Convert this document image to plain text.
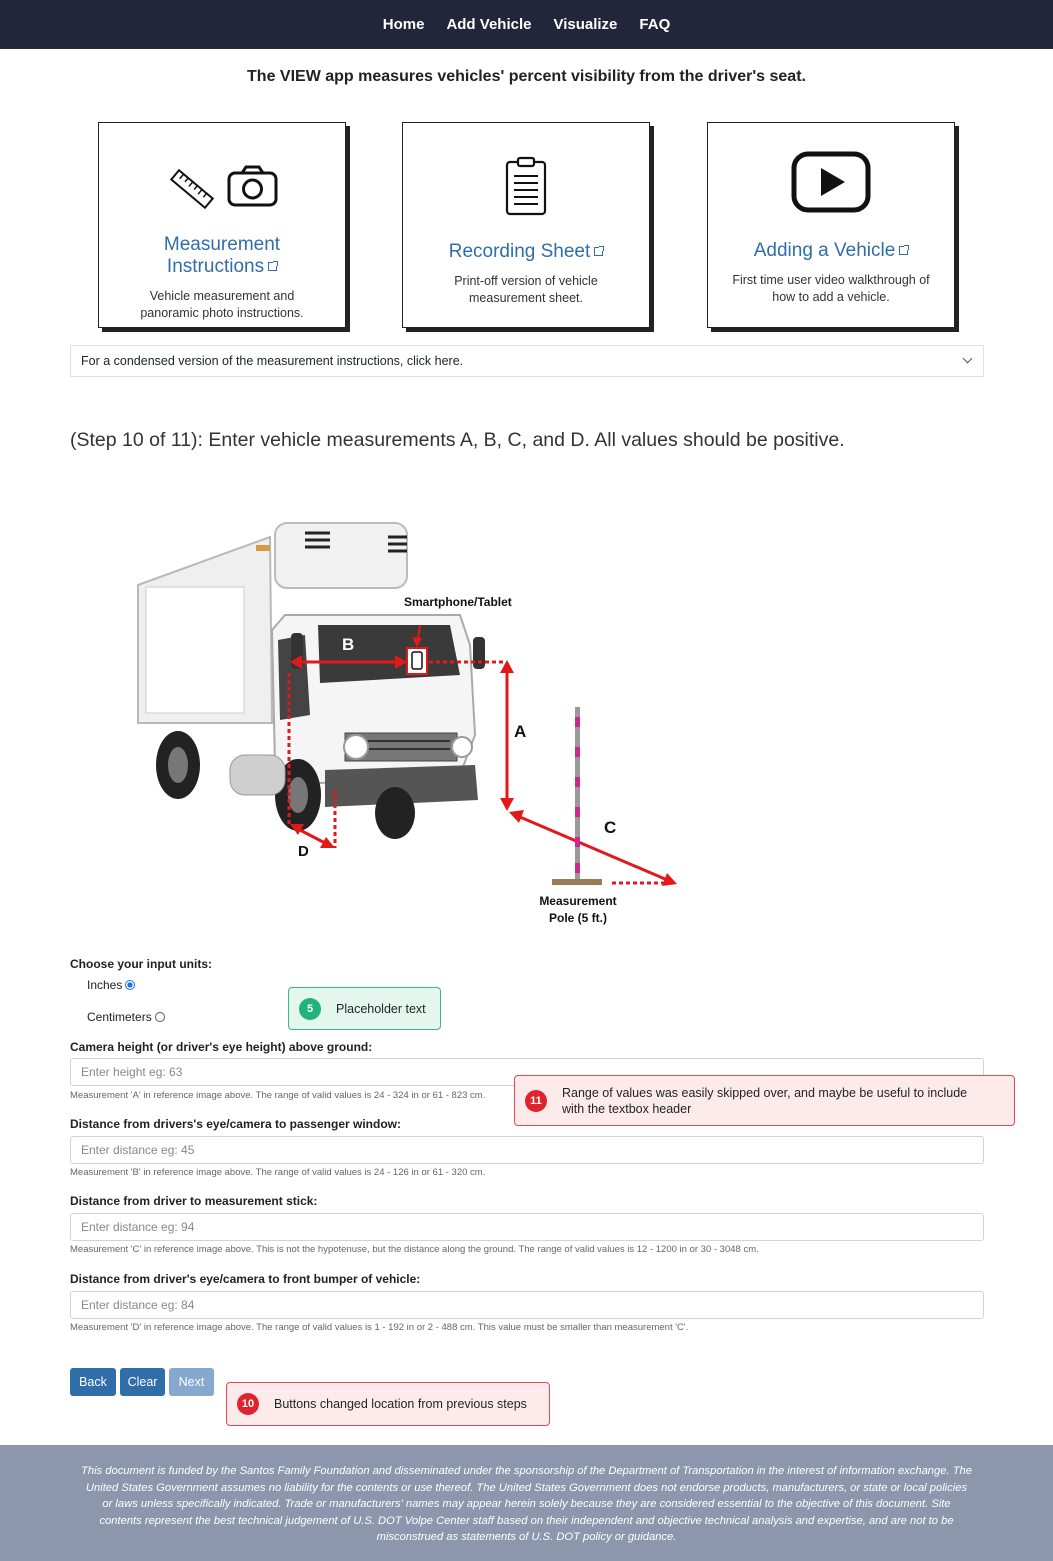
Home Add Vehicle Visualize FAQ
The VIEW app measures vehicles' percent visibility from the driver's seat.
Measurement
Instructions
Vehicle measurement and
panoramic photo instructions.
Recording Sheet
Print-off version of vehicle
measurement sheet.
Adding a Vehicle
First time user video walkthrough of
how to add a vehicle.
For a condensed version of the measurement instructions, click here.
(Step 10 of 11): Enter vehicle measurements A, B, C, and D. All values should be positive.
Smartphone/Tablet
B
A
C
D
Measurement
Pole (5 ft.)
Choose your input units:
Inches
Centimeters
Camera height (or driver's eye height) above ground:
Enter height eg: 63
Measurement 'A' in reference image above. The range of valid values is 24 - 324 in or 61 - 823 cm.
Distance from drivers's eye/camera to passenger window:
Enter distance eg: 45
Measurement 'B' in reference image above. The range of valid values is 24 - 126 in or 61 - 320 cm.
Distance from driver to measurement stick:
Enter distance eg: 94
Measurement 'C' in reference image above. This is not the hypotenuse, but the distance along the ground. The range of valid values is 12 - 1200 in or 30 - 3048 cm.
Distance from driver's eye/camera to front bumper of vehicle:
Enter distance eg: 84
Measurement 'D' in reference image above. The range of valid values is 1 - 192 in or 2 - 488 cm. This value must be smaller than measurement 'C'.
Back	Clear	Next
5	Placeholder text
11
Range of values was easily skipped over, and maybe be useful to include
with the textbox header
10	Buttons changed location from previous steps
This document is funded by the Santos Family Foundation and disseminated under the sponsorship of the Department of Transportation in the interest of information exchange. The United States Government assumes no liability for the contents or use thereof. The United States Government does not endorse products, manufacturers, or state or local policies or laws unless specifically indicated. Trade or manufacturers' names may appear herein solely because they are considered essential to the objective of this document. Site contents represent the best technical judgement of U.S. DOT Volpe Center staff based on their independent and objective technical analysis and expertise, and are not to be misconstrued as statements of U.S. DOT policy or guidance.
